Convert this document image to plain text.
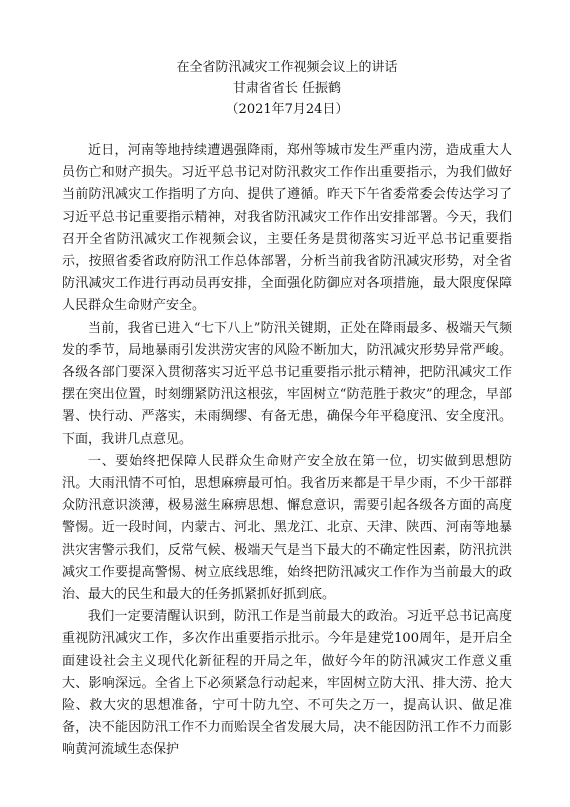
在全省防汛减灾工作视频会议上的讲话
甘肃省省长 任振鹤
（2021年7月24日）

近日，河南等地持续遭遇强降雨，郑州等城市发生严重内涝，造成重大人员伤亡和财产损失。习近平总书记对防汛救灾工作作出重要指示，为我们做好当前防汛减灾工作指明了方向、提供了遵循。昨天下午省委常委会传达学习了习近平总书记重要指示精神，对我省防汛减灾工作作出安排部署。今天，我们召开全省防汛减灾工作视频会议，主要任务是贯彻落实习近平总书记重要指示，按照省委省政府防汛工作总体部署，分析当前我省防汛减灾形势，对全省防汛减灾工作进行再动员再安排，全面强化防御应对各项措施，最大限度保障人民群众生命财产安全。

当前，我省已进入“七下八上”防汛关键期，正处在降雨最多、极端天气频发的季节，局地暴雨引发洪涝灾害的风险不断加大，防汛减灾形势异常严峻。各级各部门要深入贯彻落实习近平总书记重要指示批示精神，把防汛减灾工作摆在突出位置，时刻绷紧防汛这根弦，牢固树立“防范胜于救灾”的理念，早部署、快行动、严落实，未雨绸缪、有备无患，确保今年平稳度汛、安全度汛。下面，我讲几点意见。

一、要始终把保障人民群众生命财产安全放在第一位，切实做到思想防汛。大雨汛情不可怕，思想麻痹最可怕。我省历来都是干旱少雨，不少干部群众防汛意识淡薄，极易滋生麻痹思想、懈怠意识，需要引起各级各方面的高度警惕。近一段时间，内蒙古、河北、黑龙江、北京、天津、陕西、河南等地暴洪灾害警示我们，反常气候、极端天气是当下最大的不确定性因素，防汛抗洪减灾工作要提高警惕、树立底线思维，始终把防汛减灾工作作为当前最大的政治、最大的民生和最大的任务抓紧抓好抓到底。

我们一定要清醒认识到，防汛工作是当前最大的政治。习近平总书记高度重视防汛减灾工作，多次作出重要指示批示。今年是建党100周年，是开启全面建设社会主义现代化新征程的开局之年，做好今年的防汛减灾工作意义重大、影响深远。全省上下必须紧急行动起来，牢固树立防大汛、排大涝、抢大险、救大灾的思想准备，宁可十防九空、不可失之万一，提高认识、做足准备，决不能因防汛工作不力而贻误全省发展大局，决不能因防汛工作不力而影响黄河流域生态保护
